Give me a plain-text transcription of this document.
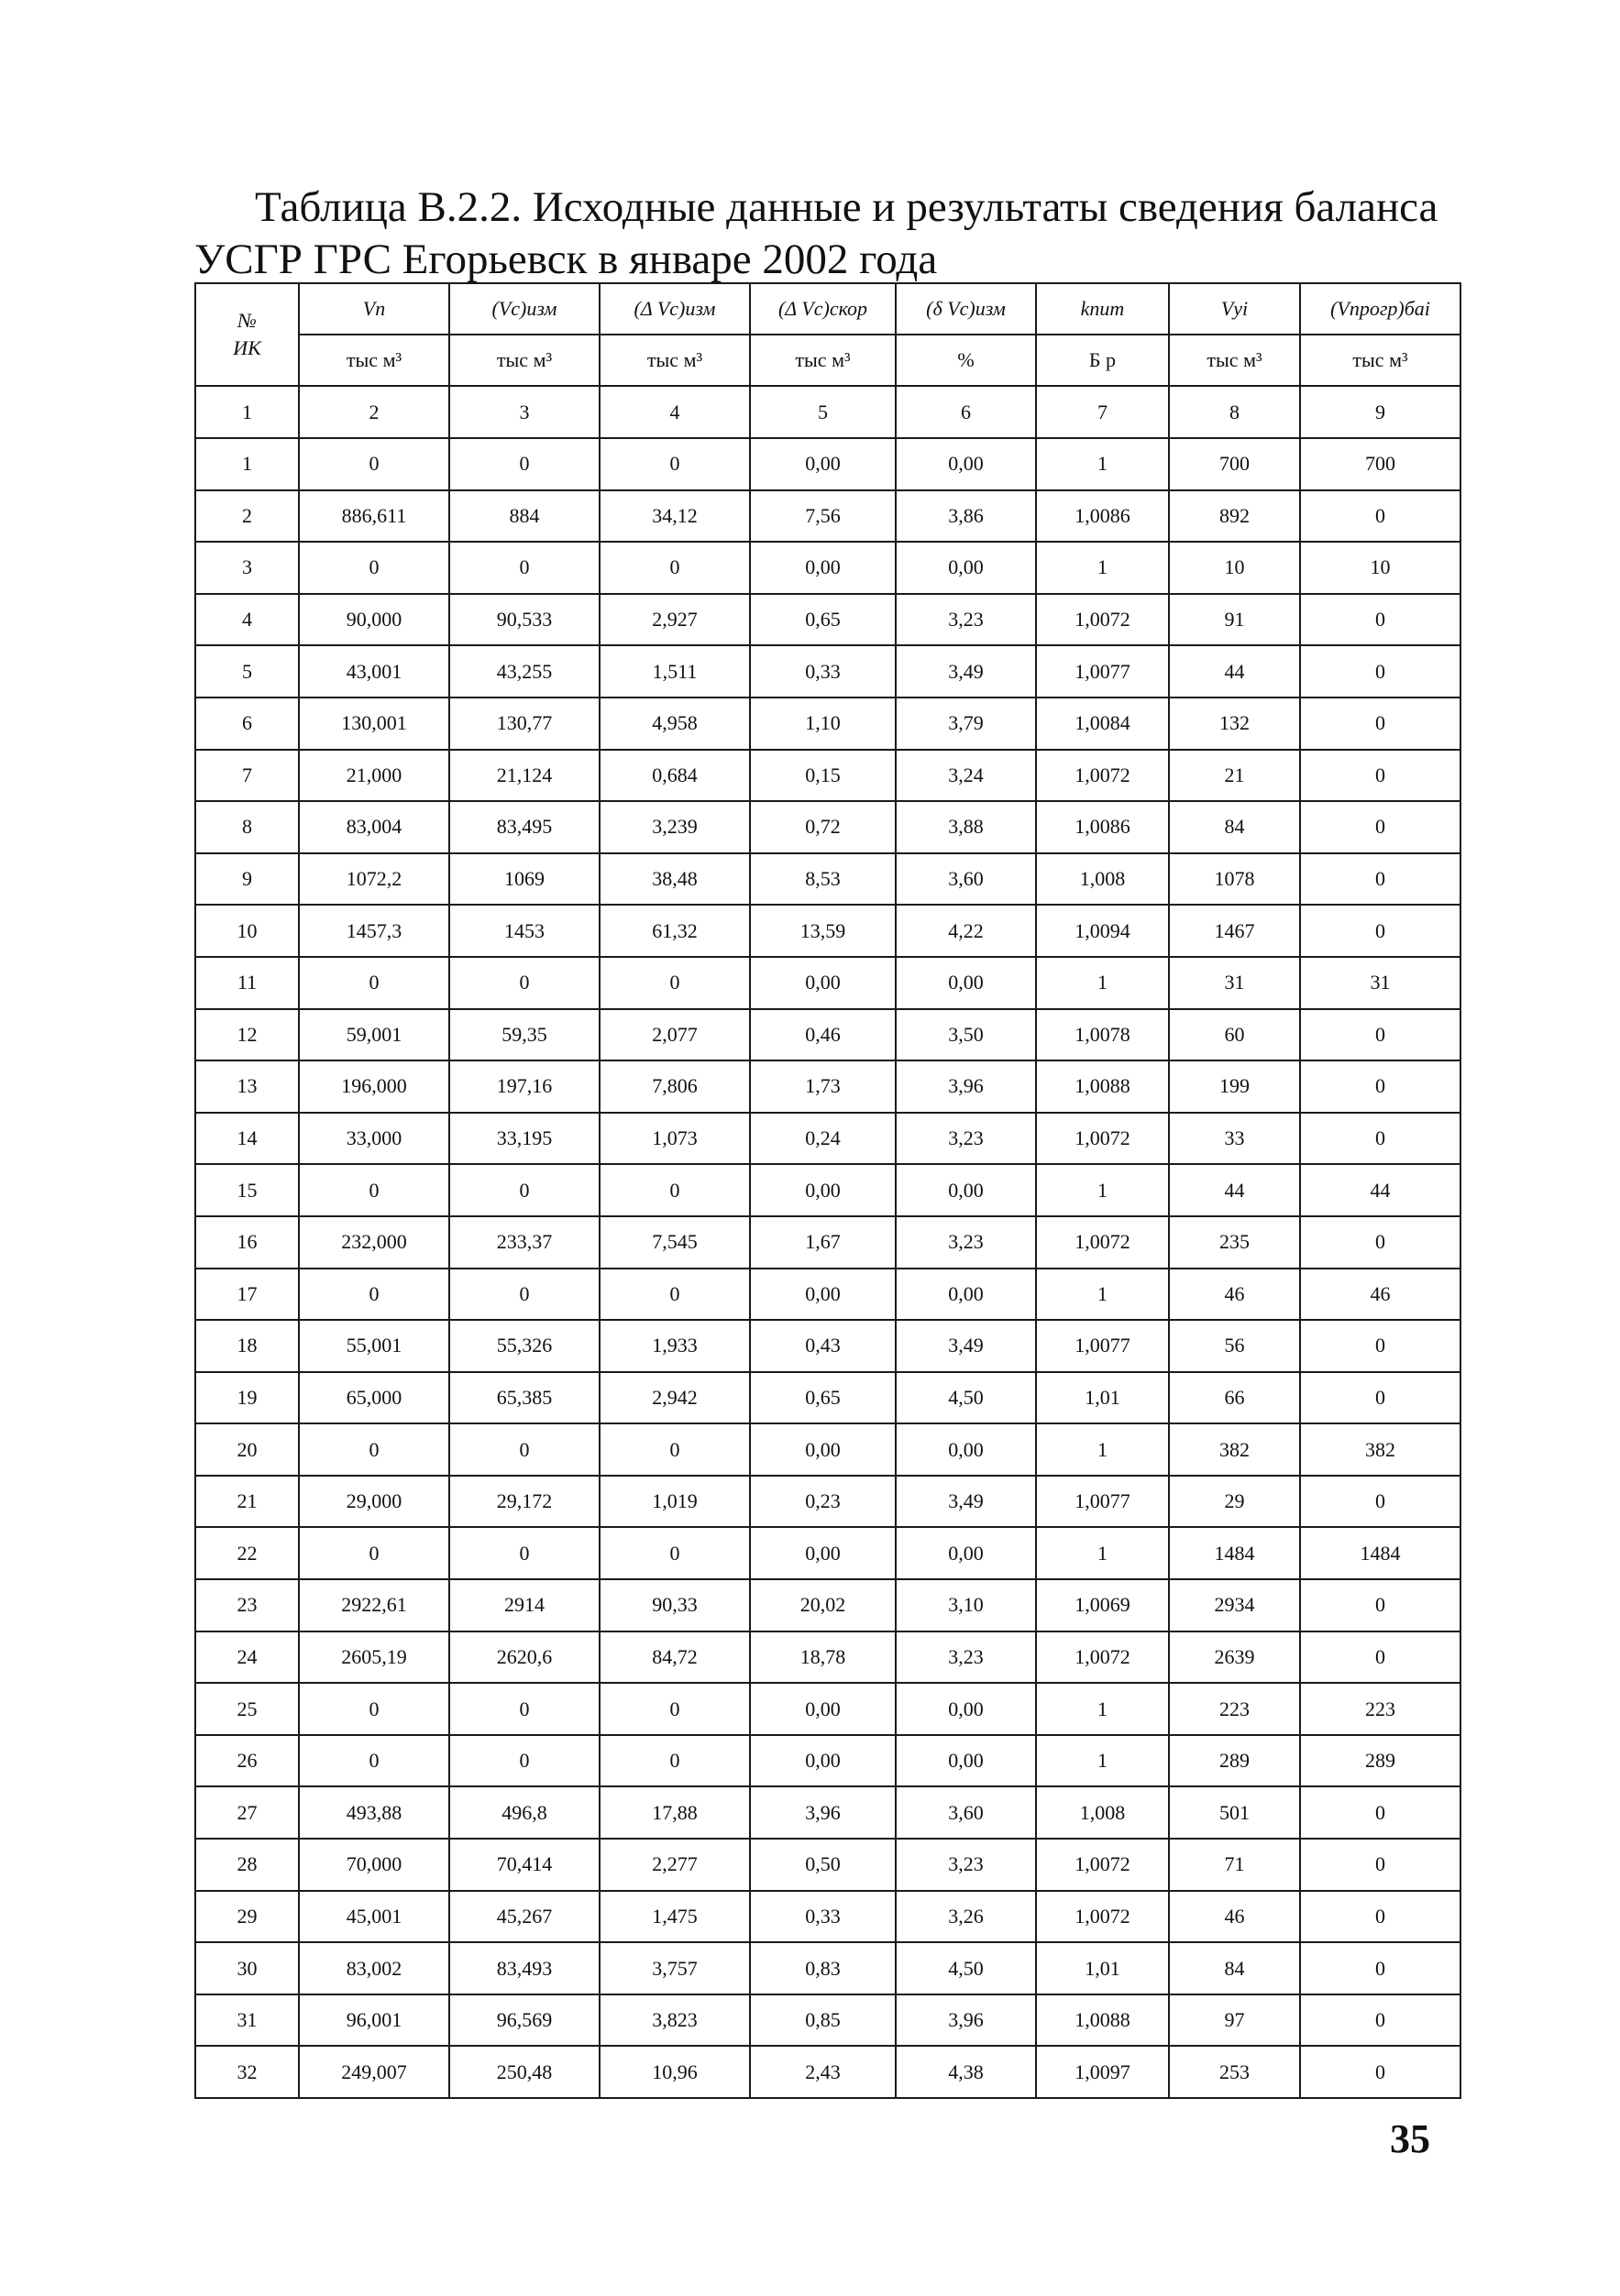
Таблица В.2.2. Исходные данные и результаты сведения баланса
УСГР ГРС Егорьевск в январе 2002 года
№
ИК	Vп	(Vс)изм	(Δ Vс)изм	(Δ Vс)скор	(δ Vс)изм	kпит	Vуi	(Vпрогр)баi
	тыс м³	тыс м³	тыс м³	тыс м³	%	Б р	тыс м³	тыс м³
1	2	3	4	5	6	7	8	9
1	0	0	0	0,00	0,00	1	700	700
2	886,611	884	34,12	7,56	3,86	1,0086	892	0
3	0	0	0	0,00	0,00	1	10	10
4	90,000	90,533	2,927	0,65	3,23	1,0072	91	0
5	43,001	43,255	1,511	0,33	3,49	1,0077	44	0
6	130,001	130,77	4,958	1,10	3,79	1,0084	132	0
7	21,000	21,124	0,684	0,15	3,24	1,0072	21	0
8	83,004	83,495	3,239	0,72	3,88	1,0086	84	0
9	1072,2	1069	38,48	8,53	3,60	1,008	1078	0
10	1457,3	1453	61,32	13,59	4,22	1,0094	1467	0
11	0	0	0	0,00	0,00	1	31	31
12	59,001	59,35	2,077	0,46	3,50	1,0078	60	0
13	196,000	197,16	7,806	1,73	3,96	1,0088	199	0
14	33,000	33,195	1,073	0,24	3,23	1,0072	33	0
15	0	0	0	0,00	0,00	1	44	44
16	232,000	233,37	7,545	1,67	3,23	1,0072	235	0
17	0	0	0	0,00	0,00	1	46	46
18	55,001	55,326	1,933	0,43	3,49	1,0077	56	0
19	65,000	65,385	2,942	0,65	4,50	1,01	66	0
20	0	0	0	0,00	0,00	1	382	382
21	29,000	29,172	1,019	0,23	3,49	1,0077	29	0
22	0	0	0	0,00	0,00	1	1484	1484
23	2922,61	2914	90,33	20,02	3,10	1,0069	2934	0
24	2605,19	2620,6	84,72	18,78	3,23	1,0072	2639	0
25	0	0	0	0,00	0,00	1	223	223
26	0	0	0	0,00	0,00	1	289	289
27	493,88	496,8	17,88	3,96	3,60	1,008	501	0
28	70,000	70,414	2,277	0,50	3,23	1,0072	71	0
29	45,001	45,267	1,475	0,33	3,26	1,0072	46	0
30	83,002	83,493	3,757	0,83	4,50	1,01	84	0
31	96,001	96,569	3,823	0,85	3,96	1,0088	97	0
32	249,007	250,48	10,96	2,43	4,38	1,0097	253	0
35
